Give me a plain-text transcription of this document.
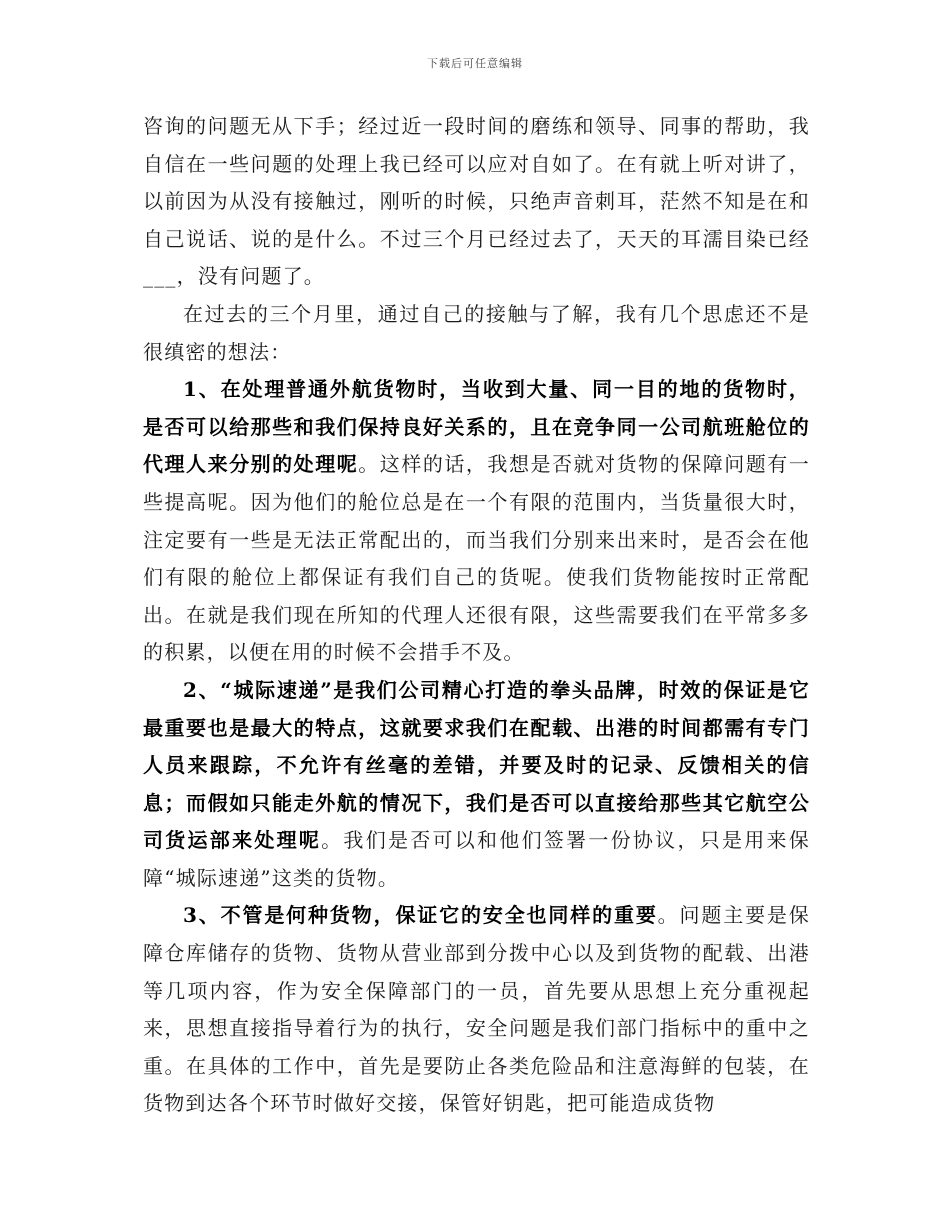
下载后可任意编辑

咨询的问题无从下手；经过近一段时间的磨练和领导、同事的帮助，我自信在一些问题的处理上我已经可以应对自如了。在有就上听对讲了，以前因为从没有接触过，刚听的时候，只绝声音刺耳，茫然不知是在和自己说话、说的是什么。不过三个月已经过去了，天天的耳濡目染已经___，没有问题了。

在过去的三个月里，通过自己的接触与了解，我有几个思虑还不是很缜密的想法：

1、在处理普通外航货物时，当收到大量、同一目的地的货物时，是否可以给那些和我们保持良好关系的，且在竞争同一公司航班舱位的代理人来分别的处理呢。这样的话，我想是否就对货物的保障问题有一些提高呢。因为他们的舱位总是在一个有限的范围内，当货量很大时，注定要有一些是无法正常配出的，而当我们分别来出来时，是否会在他们有限的舱位上都保证有我们自己的货呢。使我们货物能按时正常配出。在就是我们现在所知的代理人还很有限，这些需要我们在平常多多的积累，以便在用的时候不会措手不及。

2、“城际速递”是我们公司精心打造的拳头品牌，时效的保证是它最重要也是最大的特点，这就要求我们在配载、出港的时间都需有专门人员来跟踪，不允许有丝毫的差错，并要及时的记录、反馈相关的信息；而假如只能走外航的情况下，我们是否可以直接给那些其它航空公司货运部来处理呢。我们是否可以和他们签署一份协议，只是用来保障“城际速递”这类的货物。

3、不管是何种货物，保证它的安全也同样的重要。问题主要是保障仓库储存的货物、货物从营业部到分拨中心以及到货物的配载、出港等几项内容，作为安全保障部门的一员，首先要从思想上充分重视起来，思想直接指导着行为的执行，安全问题是我们部门指标中的重中之重。在具体的工作中，首先是要防止各类危险品和注意海鲜的包装，在货物到达各个环节时做好交接，保管好钥匙，把可能造成货物
